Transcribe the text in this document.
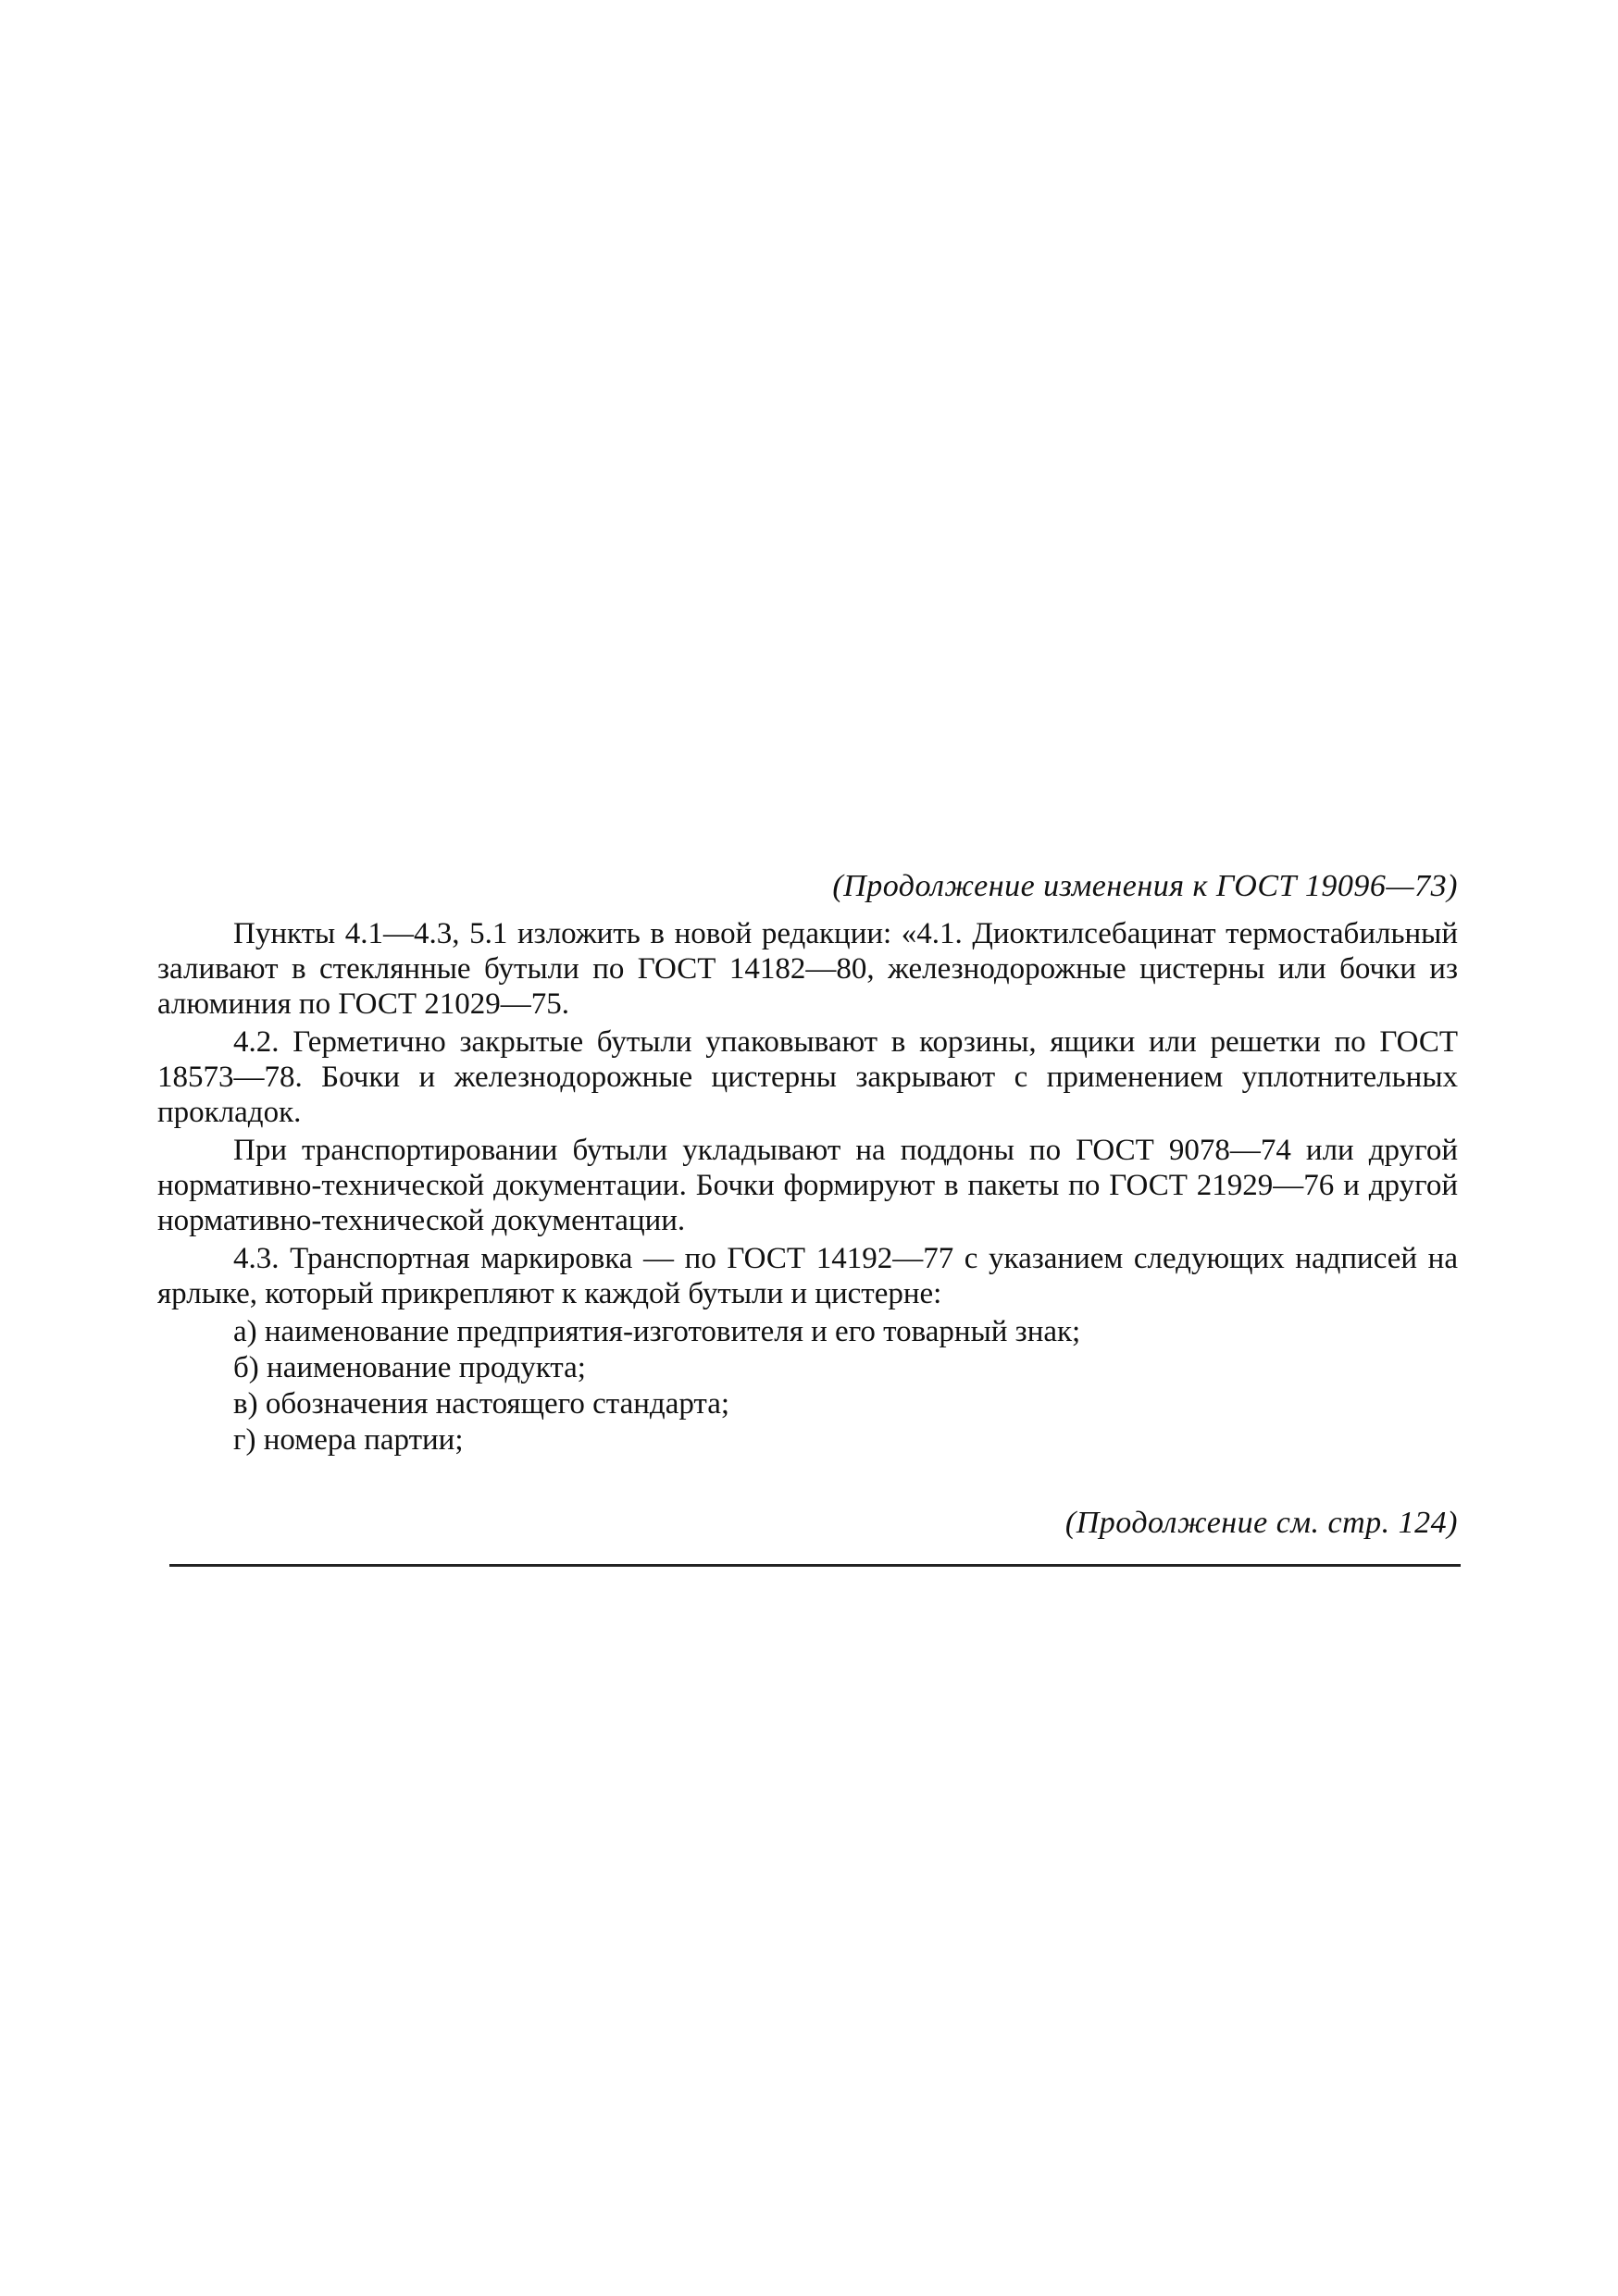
(Продолжение изменения к ГОСТ 19096—73)

Пункты 4.1—4.3, 5.1 изложить в новой редакции: «4.1. Диоктилсебацинат термостабильный заливают в стеклянные бутыли по ГОСТ 14182—80, железнодорожные цистерны или бочки из алюминия по ГОСТ 21029—75.

4.2. Герметично закрытые бутыли упаковывают в корзины, ящики или решетки по ГОСТ 18573—78. Бочки и железнодорожные цистерны закрывают с применением уплотнительных прокладок.

При транспортировании бутыли укладывают на поддоны по ГОСТ 9078—74 или другой нормативно-технической документации. Бочки формируют в пакеты по ГОСТ 21929—76 и другой нормативно-технической документации.

4.3. Транспортная маркировка — по ГОСТ 14192—77 с указанием следующих надписей на ярлыке, который прикрепляют к каждой бутыли и цистерне:

а) наименование предприятия-изготовителя и его товарный знак;
б) наименование продукта;
в) обозначения настоящего стандарта;
г) номера партии;
(Продолжение см. стр. 124)
